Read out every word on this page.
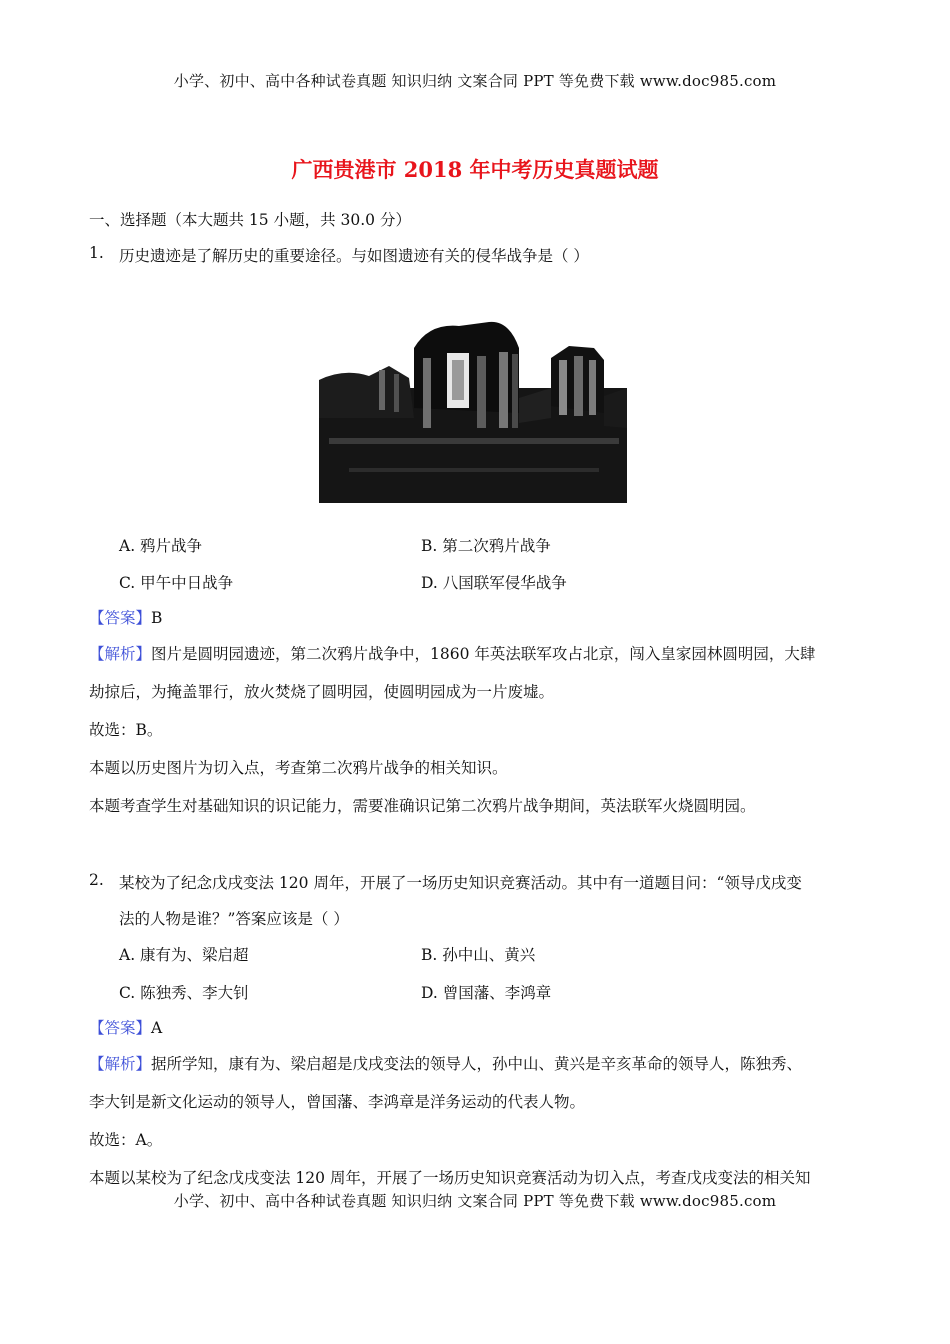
小学、初中、高中各种试卷真题 知识归纳 文案合同 PPT 等免费下载 www.doc985.com
广西贵港市 2018 年中考历史真题试题
一、选择题（本大题共 15 小题，共 30.0 分）
1. 历史遗迹是了解历史的重要途径。与如图遗迹有关的侵华战争是（ ）
A. 鸦片战争	B. 第二次鸦片战争
C. 甲午中日战争	D. 八国联军侵华战争
【答案】B
【解析】图片是圆明园遗迹，第二次鸦片战争中，1860 年英法联军攻占北京，闯入皇家园林圆明园，大肆
劫掠后，为掩盖罪行，放火焚烧了圆明园，使圆明园成为一片废墟。
故选：B。
本题以历史图片为切入点，考查第二次鸦片战争的相关知识。
本题考查学生对基础知识的识记能力，需要准确识记第二次鸦片战争期间，英法联军火烧圆明园。
2. 某校为了纪念戊戌变法 120 周年，开展了一场历史知识竞赛活动。其中有一道题目问：“领导戊戌变
法的人物是谁？”答案应该是（ ）
A. 康有为、梁启超	B. 孙中山、黄兴
C. 陈独秀、李大钊	D. 曾国藩、李鸿章
【答案】A
【解析】据所学知，康有为、梁启超是戊戌变法的领导人，孙中山、黄兴是辛亥革命的领导人，陈独秀、
李大钊是新文化运动的领导人，曾国藩、李鸿章是洋务运动的代表人物。
故选：A。
本题以某校为了纪念戊戌变法 120 周年，开展了一场历史知识竞赛活动为切入点，考查戊戌变法的相关知
小学、初中、高中各种试卷真题 知识归纳 文案合同 PPT 等免费下载 www.doc985.com
